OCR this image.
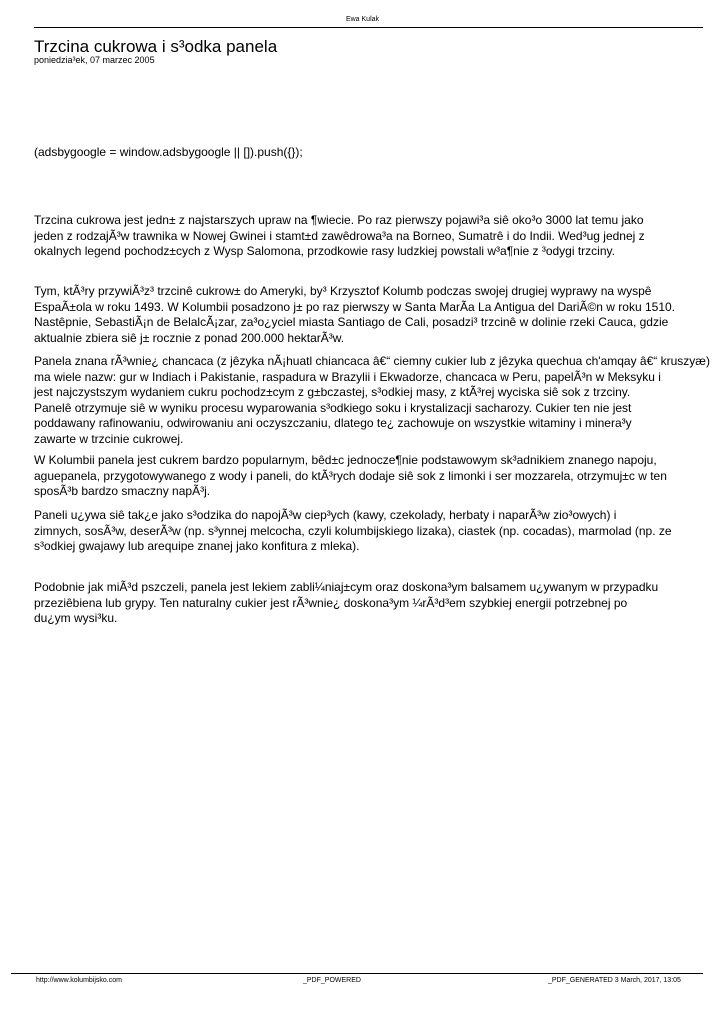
Ewa Kulak
Trzcina cukrowa i s³odka panela
poniedzia³ek, 07 marzec 2005
(adsbygoogle = window.adsbygoogle || []).push({});
Trzcina cukrowa jest jedn± z najstarszych upraw na ¶wiecie. Po raz pierwszy pojawi³a siê oko³o 3000 lat temu jako
jeden z rodzajÃ³w trawnika w Nowej Gwinei i stamt±d zawêdrowa³a na Borneo, Sumatrê i do Indii. Wed³ug jednej z
okalnych legend pochodz±cych z Wysp Salomona, przodkowie rasy ludzkiej powstali w³a¶nie z ³odygi trzciny.
Tym, ktÃ³ry przywiÃ³z³ trzcinê cukrow± do Ameryki, by³ Krzysztof Kolumb podczas swojej drugiej wyprawy na wyspê
EspaÃ±ola w roku 1493. W Kolumbii posadzono j± po raz pierwszy w Santa MarÃa La Antigua del DariÃ©n w roku 1510.
Nastêpnie, SebastiÃ¡n de BelalcÃ¡zar, za³o¿yciel miasta Santiago de Cali, posadzi³ trzcinê w dolinie rzeki Cauca, gdzie
aktualnie zbiera siê j± rocznie z ponad 200.000 hektarÃ³w.
Panela znana rÃ³wnie¿ chancaca (z jêzyka nÃ¡huatl chiancaca â€“ ciemny cukier lub z jêzyka quechua ch'amqay â€“ kruszyæ)
ma wiele nazw: gur w Indiach i Pakistanie, raspadura w Brazylii i Ekwadorze, chancaca w Peru, papelÃ³n w Meksyku i
jest najczystszym wydaniem cukru pochodz±cym z g±bczastej, s³odkiej masy, z ktÃ³rej wyciska siê sok z trzciny.
Panelê otrzymuje siê w wyniku procesu wyparowania s³odkiego soku i krystalizacji sacharozy. Cukier ten nie jest
poddawany rafinowaniu, odwirowaniu ani oczyszczaniu, dlatego te¿ zachowuje on wszystkie witaminy i minera³y
zawarte w trzcinie cukrowej.
W Kolumbii panela jest cukrem bardzo popularnym, bêd±c jednocze¶nie podstawowym sk³adnikiem znanego napoju,
aguepanela, przygotowywanego z wody i paneli, do ktÃ³rych dodaje siê sok z limonki i ser mozzarela, otrzymuj±c w ten
sposÃ³b bardzo smaczny napÃ³j.
Paneli u¿ywa siê tak¿e jako s³odzika do napojÃ³w ciep³ych (kawy, czekolady, herbaty i naparÃ³w zio³owych) i
zimnych, sosÃ³w, deserÃ³w (np. s³ynnej melcocha, czyli kolumbijskiego lizaka), ciastek (np. cocadas), marmolad (np. ze
s³odkiej gwajawy lub arequipe znanej jako konfitura z mleka).
Podobnie jak miÃ³d pszczeli, panela jest lekiem zabli¼niaj±cym oraz doskona³ym balsamem u¿ywanym w przypadku
przeziêbiena lub grypy. Ten naturalny cukier jest rÃ³wnie¿ doskona³ym ¼rÃ³d³em szybkiej energii potrzebnej po
du¿ym wysi³ku.
http://www.kolumbijsko.com	_PDF_POWERED	_PDF_GENERATED 3 March, 2017, 13:05
